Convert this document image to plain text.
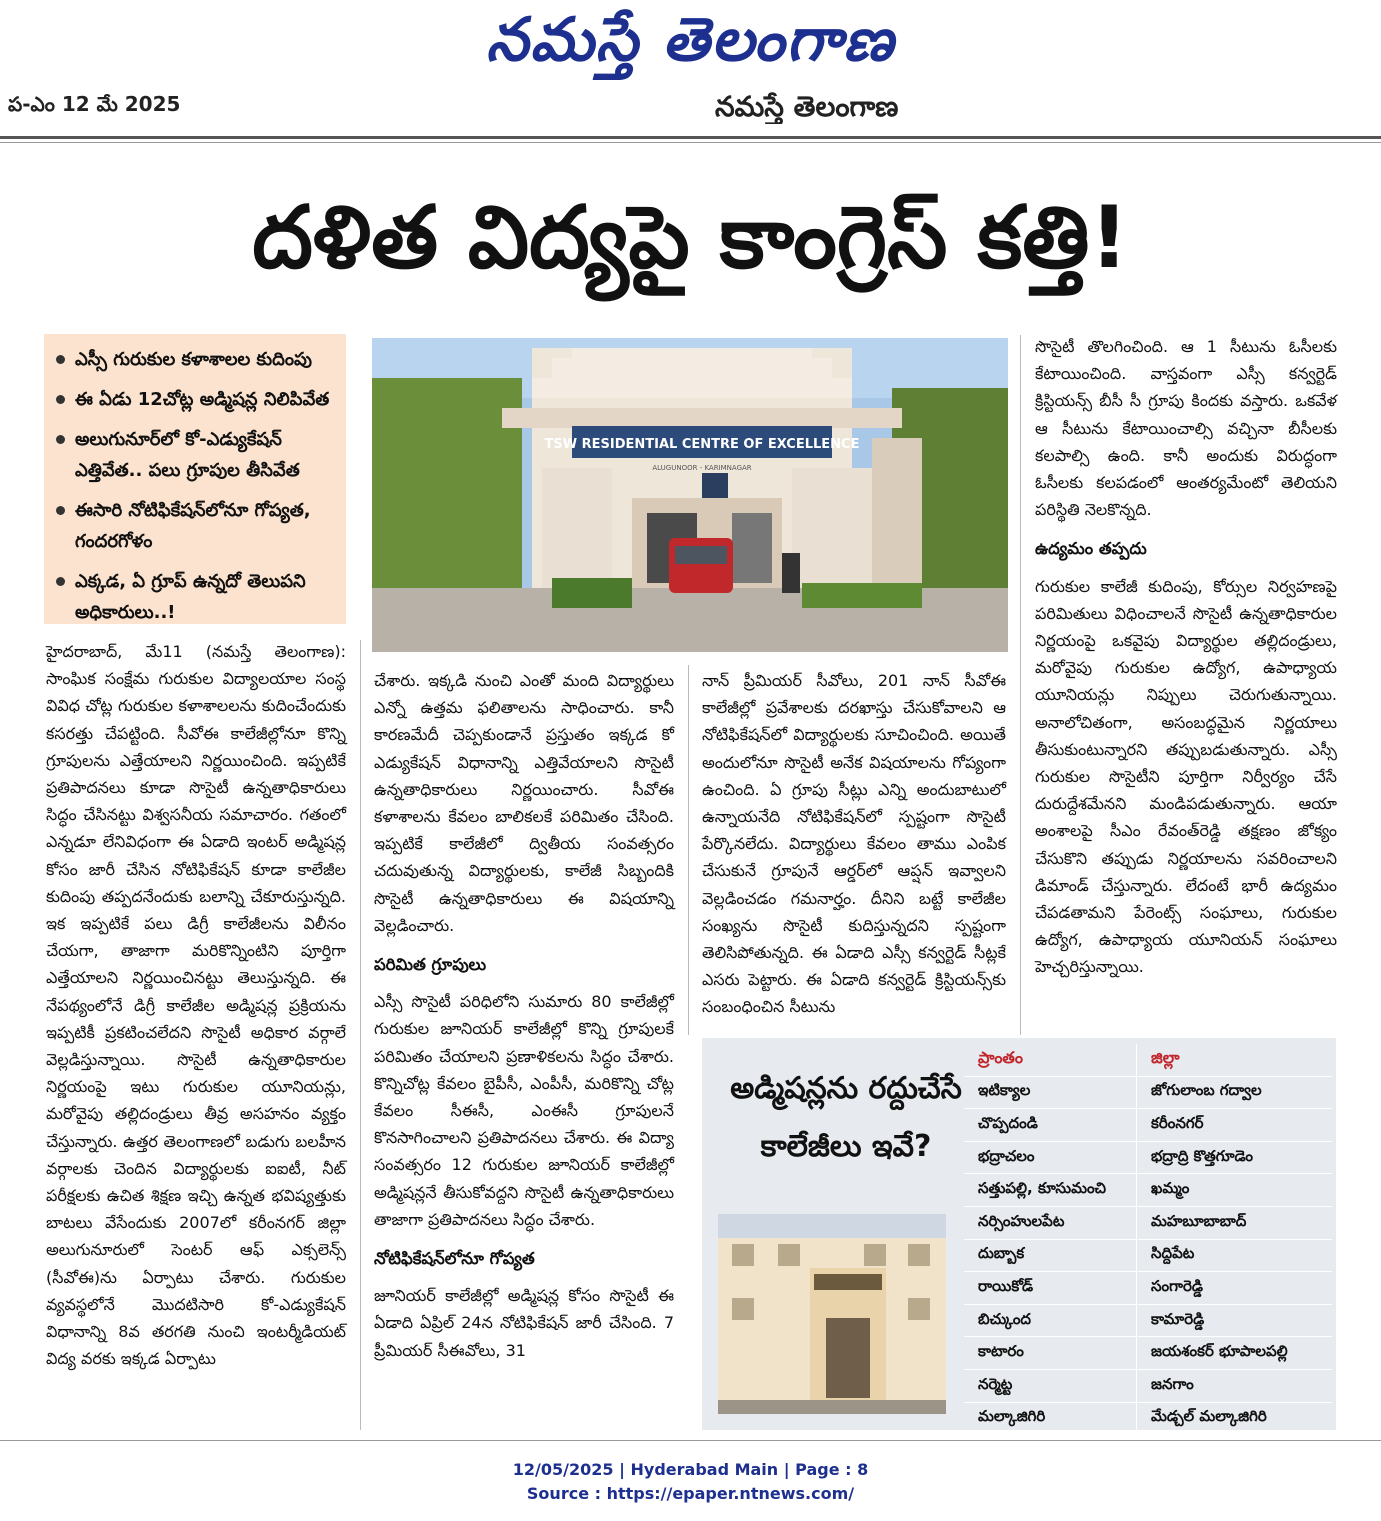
నమస్తే తెలంగాణ
ప-ఎం 12 మే 2025	నమస్తే తెలంగాణ
దళిత విద్యపై కాంగ్రెస్ కత్తి!
ఎస్సీ గురుకుల కళాశాలల కుదింపు
ఈ ఏడు 12చోట్ల అడ్మిషన్ల నిలిపివేత
అలుగునూర్‌లో కో-ఎడ్యుకేషన్ ఎత్తివేత.. పలు గ్రూపుల తీసివేత
ఈసారి నోటిఫికేషన్‌లోనూ గోప్యత, గందరగోళం
ఎక్కడ, ఏ గ్రూప్ ఉన్నదో తెలుపని అధికారులు..!
TSW RESIDENTIAL CENTRE OF EXCELLENCE
ALUGUNOOR - KARIMNAGAR

హైదరాబాద్, మే11 (నమస్తే తెలంగాణ): సాంఘిక సంక్షేమ గురుకుల విద్యాలయాల సంస్థ వివిధ చోట్ల గురుకుల కళాశాలలను కుదించేందుకు కసరత్తు చేపట్టింది. సీవోఈ కాలేజీల్లోనూ కొన్ని గ్రూపులను ఎత్తేయాలని నిర్ణయించింది. ఇప్పటికే ప్రతిపాదనలు కూడా సొసైటీ ఉన్నతాధికారులు సిద్ధం చేసినట్టు విశ్వసనీయ సమాచారం. గతంలో ఎన్నడూ లేనివిధంగా ఈ ఏడాది ఇంటర్ అడ్మిషన్ల కోసం జారీ చేసిన నోటిఫికేషన్ కూడా కాలేజీల కుదింపు తప్పదనేందుకు బలాన్ని చేకూరుస్తున్నది. ఇక ఇప్పటికే పలు డిగ్రీ కాలేజీలను విలీనం చేయగా, తాజాగా మరికొన్నింటిని పూర్తిగా ఎత్తేయాలని నిర్ణయించినట్టు తెలుస్తున్నది. ఈ నేపథ్యంలోనే డిగ్రీ కాలేజీల అడ్మిషన్ల ప్రక్రియను ఇప్పటికీ ప్రకటించలేదని సొసైటీ అధికార వర్గాలే వెల్లడిస్తున్నాయి. సొసైటీ ఉన్నతాధికారుల నిర్ణయంపై ఇటు గురుకుల యూనియన్లు, మరోవైపు తల్లిదండ్రులు తీవ్ర అసహనం వ్యక్తం చేస్తున్నారు. ఉత్తర తెలంగాణలో బడుగు బలహీన వర్గాలకు చెందిన విద్యార్థులకు ఐఐటీ, నీట్ పరీక్షలకు ఉచిత శిక్షణ ఇచ్చి ఉన్నత భవిష్యత్తుకు బాటలు వేసేందుకు 2007లో కరీంనగర్ జిల్లా అలుగునూరులో సెంటర్ ఆఫ్ ఎక్సలెన్స్ (సీవోఈ)ను ఏర్పాటు చేశారు. గురుకుల వ్యవస్థలోనే మొదటిసారి కో-ఎడ్యుకేషన్ విధానాన్ని 8వ తరగతి నుంచి ఇంటర్మీడియట్ విద్య వరకు ఇక్కడ ఏర్పాటు

చేశారు. ఇక్కడి నుంచి ఎంతో మంది విద్యార్థులు ఎన్నో ఉత్తమ ఫలితాలను సాధించారు. కానీ కారణమేదీ చెప్పకుండానే ప్రస్తుతం ఇక్కడ కో ఎడ్యుకేషన్ విధానాన్ని ఎత్తివేయాలని సొసైటీ ఉన్నతాధికారులు నిర్ణయించారు. సీవోఈ కళాశాలను కేవలం బాలికలకే పరిమితం చేసింది. ఇప్పటికే కాలేజీలో ద్వితీయ సంవత్సరం చదువుతున్న విద్యార్థులకు, కాలేజీ సిబ్బందికి సొసైటీ ఉన్నతాధికారులు ఈ విషయాన్ని వెల్లడించారు.

పరిమిత గ్రూపులు

ఎస్సీ సొసైటీ పరిధిలోని సుమారు 80 కాలేజీల్లో గురుకుల జూనియర్ కాలేజీల్లో కొన్ని గ్రూపులకే పరిమితం చేయాలని ప్రణాళికలను సిద్ధం చేశారు. కొన్నిచోట్ల కేవలం బైపీసీ, ఎంపీసీ, మరికొన్ని చోట్ల కేవలం సీఈసీ, ఎంఈసీ గ్రూపులనే కొనసాగించాలని ప్రతిపాదనలు చేశారు. ఈ విద్యా సంవత్సరం 12 గురుకుల జూనియర్ కాలేజీల్లో అడ్మిషన్లనే తీసుకోవద్దని సొసైటీ ఉన్నతాధికారులు తాజాగా ప్రతిపాదనలు సిద్ధం చేశారు.

నోటిఫికేషన్‌లోనూ గోప్యత

జూనియర్ కాలేజీల్లో అడ్మిషన్ల కోసం సొసైటీ ఈ ఏడాది ఏప్రిల్ 24న నోటిఫికేషన్ జారీ చేసింది. 7 ప్రీమియర్ సీఈవోలు, 31

నాన్ ప్రీమియర్ సీవోలు, 201 నాన్ సీవోఈ కాలేజీల్లో ప్రవేశాలకు దరఖాస్తు చేసుకోవాలని ఆ నోటిఫికేషన్‌లో విద్యార్థులకు సూచించింది. అయితే అందులోనూ సొసైటీ అనేక విషయాలను గోప్యంగా ఉంచింది. ఏ గ్రూపు సీట్లు ఎన్ని అందుబాటులో ఉన్నాయనేది నోటిఫికేషన్‌లో స్పష్టంగా సొసైటీ పేర్కొనలేదు. విద్యార్థులు కేవలం తాము ఎంపిక చేసుకునే గ్రూపునే ఆర్డర్‌లో ఆప్షన్ ఇవ్వాలని వెల్లడించడం గమనార్హం. దీనిని బట్టే కాలేజీల సంఖ్యను సొసైటీ కుదిస్తున్నదని స్పష్టంగా తెలిసిపోతున్నది. ఈ ఏడాది ఎస్సీ కన్వర్టెడ్ సీట్లకే ఎసరు పెట్టారు. ఈ ఏడాది కన్వర్టెడ్ క్రిస్టియన్స్‌కు సంబంధించిన సీటును

సొసైటీ తొలగించింది. ఆ 1 సీటును ఓసీలకు కేటాయించింది. వాస్తవంగా ఎస్సీ కన్వర్టెడ్ క్రిస్టియన్స్ బీసీ సీ గ్రూపు కిందకు వస్తారు. ఒకవేళ ఆ సీటును కేటాయించాల్సి వచ్చినా బీసీలకు కలపాల్సి ఉంది. కానీ అందుకు విరుద్ధంగా ఓసీలకు కలపడంలో ఆంతర్యమేంటో తెలియని పరిస్థితి నెలకొన్నది.

ఉద్యమం తప్పదు

గురుకుల కాలేజీ కుదింపు, కోర్సుల నిర్వహణపై పరిమితులు విధించాలనే సొసైటీ ఉన్నతాధికారుల నిర్ణయంపై ఒకవైపు విద్యార్థుల తల్లిదండ్రులు, మరోవైపు గురుకుల ఉద్యోగ, ఉపాధ్యాయ యూనియన్లు నిప్పులు చెరుగుతున్నాయి. అనాలోచితంగా, అసంబద్ధమైన నిర్ణయాలు తీసుకుంటున్నారని తప్పుబడుతున్నారు. ఎస్సీ గురుకుల సొసైటీని పూర్తిగా నిర్వీర్యం చేసే దురుద్దేశమేనని మండిపడుతున్నారు. ఆయా అంశాలపై సీఎం రేవంత్‌రెడ్డి తక్షణం జోక్యం చేసుకొని తప్పుడు నిర్ణయాలను సవరించాలని డిమాండ్ చేస్తున్నారు. లేదంటే భారీ ఉద్యమం చేపడతామని పేరెంట్స్ సంఘాలు, గురుకుల ఉద్యోగ, ఉపాధ్యాయ యూనియన్ సంఘాలు హెచ్చరిస్తున్నాయి.

అడ్మిషన్లను రద్దుచేసే కాలేజీలు ఇవే?
ప్రాంతం	జిల్లా
ఇటిక్యాల	జోగులాంబ గద్వాల
చొప్పదండి	కరీంనగర్
భద్రాచలం	భద్రాద్రి కొత్తగూడెం
సత్తుపల్లి, కూసుమంచి	ఖమ్మం
నర్సింహులపేట	మహబూబాబాద్
దుబ్బాక	సిద్దిపేట
రాయికోడ్	సంగారెడ్డి
బిచ్కుంద	కామారెడ్డి
కాటారం	జయశంకర్ భూపాలపల్లి
నర్మెట్ట	జనగాం
మల్కాజిగిరి	మేడ్చల్ మల్కాజిగిరి
12/05/2025 | Hyderabad Main | Page : 8
Source : https://epaper.ntnews.com/
